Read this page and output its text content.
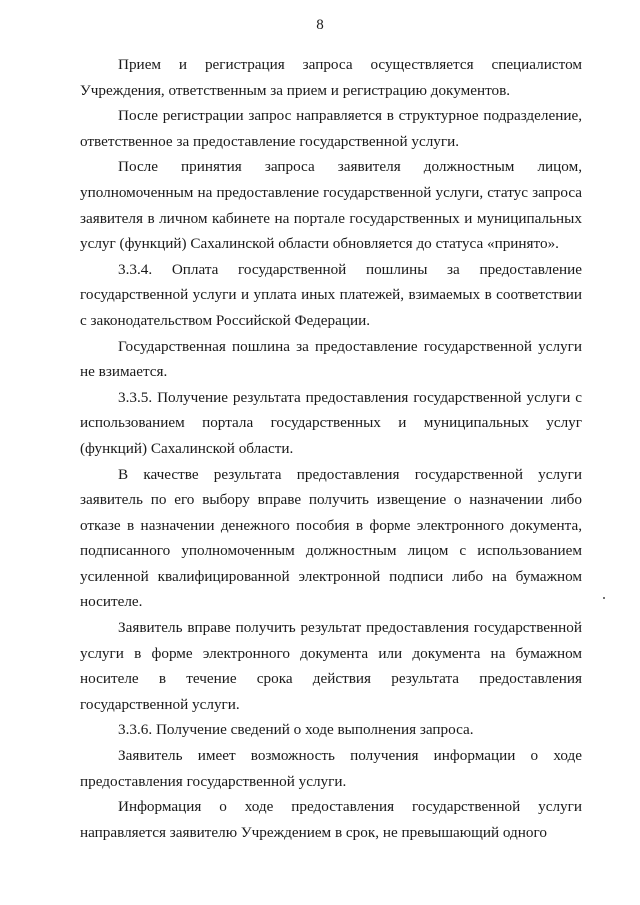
8

Прием и регистрация запроса осуществляется специалистом Учреждения, ответственным за прием и регистрацию документов.

После регистрации запрос направляется в структурное подразделение, ответственное за предоставление государственной услуги.

После принятия запроса заявителя должностным лицом, уполномоченным на предоставление государственной услуги, статус запроса заявителя в личном кабинете на портале государственных и муниципальных услуг (функций) Сахалинской области обновляется до статуса «принято».

3.3.4. Оплата государственной пошлины за предоставление государственной услуги и уплата иных платежей, взимаемых в соответствии с законодательством Российской Федерации.

Государственная пошлина за предоставление государственной услуги не взимается.

3.3.5. Получение результата предоставления государственной услуги с использованием портала государственных и муниципальных услуг (функций) Сахалинской области.

В качестве результата предоставления государственной услуги заявитель по его выбору вправе получить извещение о назначении либо отказе в назначении денежного пособия в форме электронного документа, подписанного уполномоченным должностным лицом с использованием усиленной квалифицированной электронной подписи либо на бумажном носителе.

Заявитель вправе получить результат предоставления государственной услуги в форме электронного документа или документа на бумажном носителе в течение срока действия результата предоставления государственной услуги.

3.3.6. Получение сведений о ходе выполнения запроса.

Заявитель имеет возможность получения информации о ходе предоставления государственной услуги.

Информация о ходе предоставления государственной услуги направляется заявителю Учреждением в срок, не превышающий одного
